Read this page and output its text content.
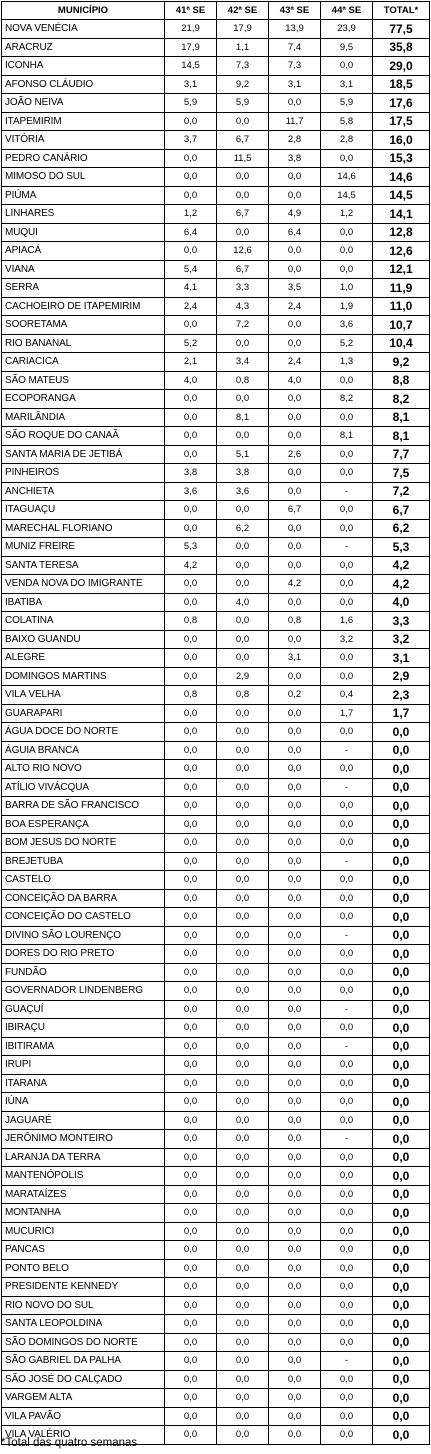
MUNICÍPIO	41ª SE	42ª SE	43ª SE	44ª SE	TOTAL*
NOVA VENÉCIA	21,9	17,9	13,9	23,9	77,5
ARACRUZ	17,9	1,1	7,4	9,5	35,8
ICONHA	14,5	7,3	7,3	0,0	29,0
AFONSO CLÁUDIO	3,1	9,2	3,1	3,1	18,5
JOÃO NEIVA	5,9	5,9	0,0	5,9	17,6
ITAPEMIRIM	0,0	0,0	11,7	5,8	17,5
VITÓRIA	3,7	6,7	2,8	2,8	16,0
PEDRO CANÁRIO	0,0	11,5	3,8	0,0	15,3
MIMOSO DO SUL	0,0	0,0	0,0	14,6	14,6
PIÚMA	0,0	0,0	0,0	14,5	14,5
LINHARES	1,2	6,7	4,9	1,2	14,1
MUQUI	6,4	0,0	6,4	0,0	12,8
APIACÁ	0,0	12,6	0,0	0,0	12,6
VIANA	5,4	6,7	0,0	0,0	12,1
SERRA	4,1	3,3	3,5	1,0	11,9
CACHOEIRO DE ITAPEMIRIM	2,4	4,3	2,4	1,9	11,0
SOORETAMA	0,0	7,2	0,0	3,6	10,7
RIO BANANAL	5,2	0,0	0,0	5,2	10,4
CARIACICA	2,1	3,4	2,4	1,3	9,2
SÃO MATEUS	4,0	0,8	4,0	0,0	8,8
ECOPORANGA	0,0	0,0	0,0	8,2	8,2
MARILÂNDIA	0,0	8,1	0,0	0,0	8,1
SÃO ROQUE DO CANAÃ	0,0	0,0	0,0	8,1	8,1
SANTA MARIA DE JETIBÁ	0,0	5,1	2,6	0,0	7,7
PINHEIROS	3,8	3,8	0,0	0,0	7,5
ANCHIETA	3,6	3,6	0,0	-	7,2
ITAGUAÇU	0,0	0,0	6,7	0,0	6,7
MARECHAL FLORIANO	0,0	6,2	0,0	0,0	6,2
MUNIZ FREIRE	5,3	0,0	0,0	-	5,3
SANTA TERESA	4,2	0,0	0,0	0,0	4,2
VENDA NOVA DO IMIGRANTE	0,0	0,0	4,2	0,0	4,2
IBATIBA	0,0	4,0	0,0	0,0	4,0
COLATINA	0,8	0,0	0,8	1,6	3,3
BAIXO GUANDU	0,0	0,0	0,0	3,2	3,2
ALEGRE	0,0	0,0	3,1	0,0	3,1
DOMINGOS MARTINS	0,0	2,9	0,0	0,0	2,9
VILA VELHA	0,8	0,8	0,2	0,4	2,3
GUARAPARI	0,0	0,0	0,0	1,7	1,7
ÁGUA DOCE DO NORTE	0,0	0,0	0,0	0,0	0,0
ÁGUIA BRANCA	0,0	0,0	0,0	-	0,0
ALTO RIO NOVO	0,0	0,0	0,0	0,0	0,0
ATÍLIO VIVÁCQUA	0,0	0,0	0,0	-	0,0
BARRA DE SÃO FRANCISCO	0,0	0,0	0,0	0,0	0,0
BOA ESPERANÇA	0,0	0,0	0,0	0,0	0,0
BOM JESUS DO NORTE	0,0	0,0	0,0	0,0	0,0
BREJETUBA	0,0	0,0	0,0	-	0,0
CASTELO	0,0	0,0	0,0	0,0	0,0
CONCEIÇÃO DA BARRA	0,0	0,0	0,0	0,0	0,0
CONCEIÇÃO DO CASTELO	0,0	0,0	0,0	0,0	0,0
DIVINO SÃO LOURENÇO	0,0	0,0	0,0	-	0,0
DORES DO RIO PRETO	0,0	0,0	0,0	0,0	0,0
FUNDÃO	0,0	0,0	0,0	0,0	0,0
GOVERNADOR LINDENBERG	0,0	0,0	0,0	0,0	0,0
GUAÇUÍ	0,0	0,0	0,0	-	0,0
IBIRAÇU	0,0	0,0	0,0	0,0	0,0
IBITIRAMA	0,0	0,0	0,0	-	0,0
IRUPI	0,0	0,0	0,0	0,0	0,0
ITARANA	0,0	0,0	0,0	0,0	0,0
IÚNA	0,0	0,0	0,0	0,0	0,0
JAGUARÉ	0,0	0,0	0,0	0,0	0,0
JERÔNIMO MONTEIRO	0,0	0,0	0,0	-	0,0
LARANJA DA TERRA	0,0	0,0	0,0	0,0	0,0
MANTENÓPOLIS	0,0	0,0	0,0	0,0	0,0
MARATAÍZES	0,0	0,0	0,0	0,0	0,0
MONTANHA	0,0	0,0	0,0	0,0	0,0
MUCURICI	0,0	0,0	0,0	0,0	0,0
PANCAS	0,0	0,0	0,0	0,0	0,0
PONTO BELO	0,0	0,0	0,0	0,0	0,0
PRESIDENTE KENNEDY	0,0	0,0	0,0	0,0	0,0
RIO NOVO DO SUL	0,0	0,0	0,0	0,0	0,0
SANTA LEOPOLDINA	0,0	0,0	0,0	0,0	0,0
SÃO DOMINGOS DO NORTE	0,0	0,0	0,0	0,0	0,0
SÃO GABRIEL DA PALHA	0,0	0,0	0,0	-	0,0
SÃO JOSÉ DO CALÇADO	0,0	0,0	0,0	0,0	0,0
VARGEM ALTA	0,0	0,0	0,0	0,0	0,0
VILA PAVÃO	0,0	0,0	0,0	0,0	0,0
VILA VALÉRIO	0,0	0,0	0,0	0,0	0,0
*Total das quatro semanas
